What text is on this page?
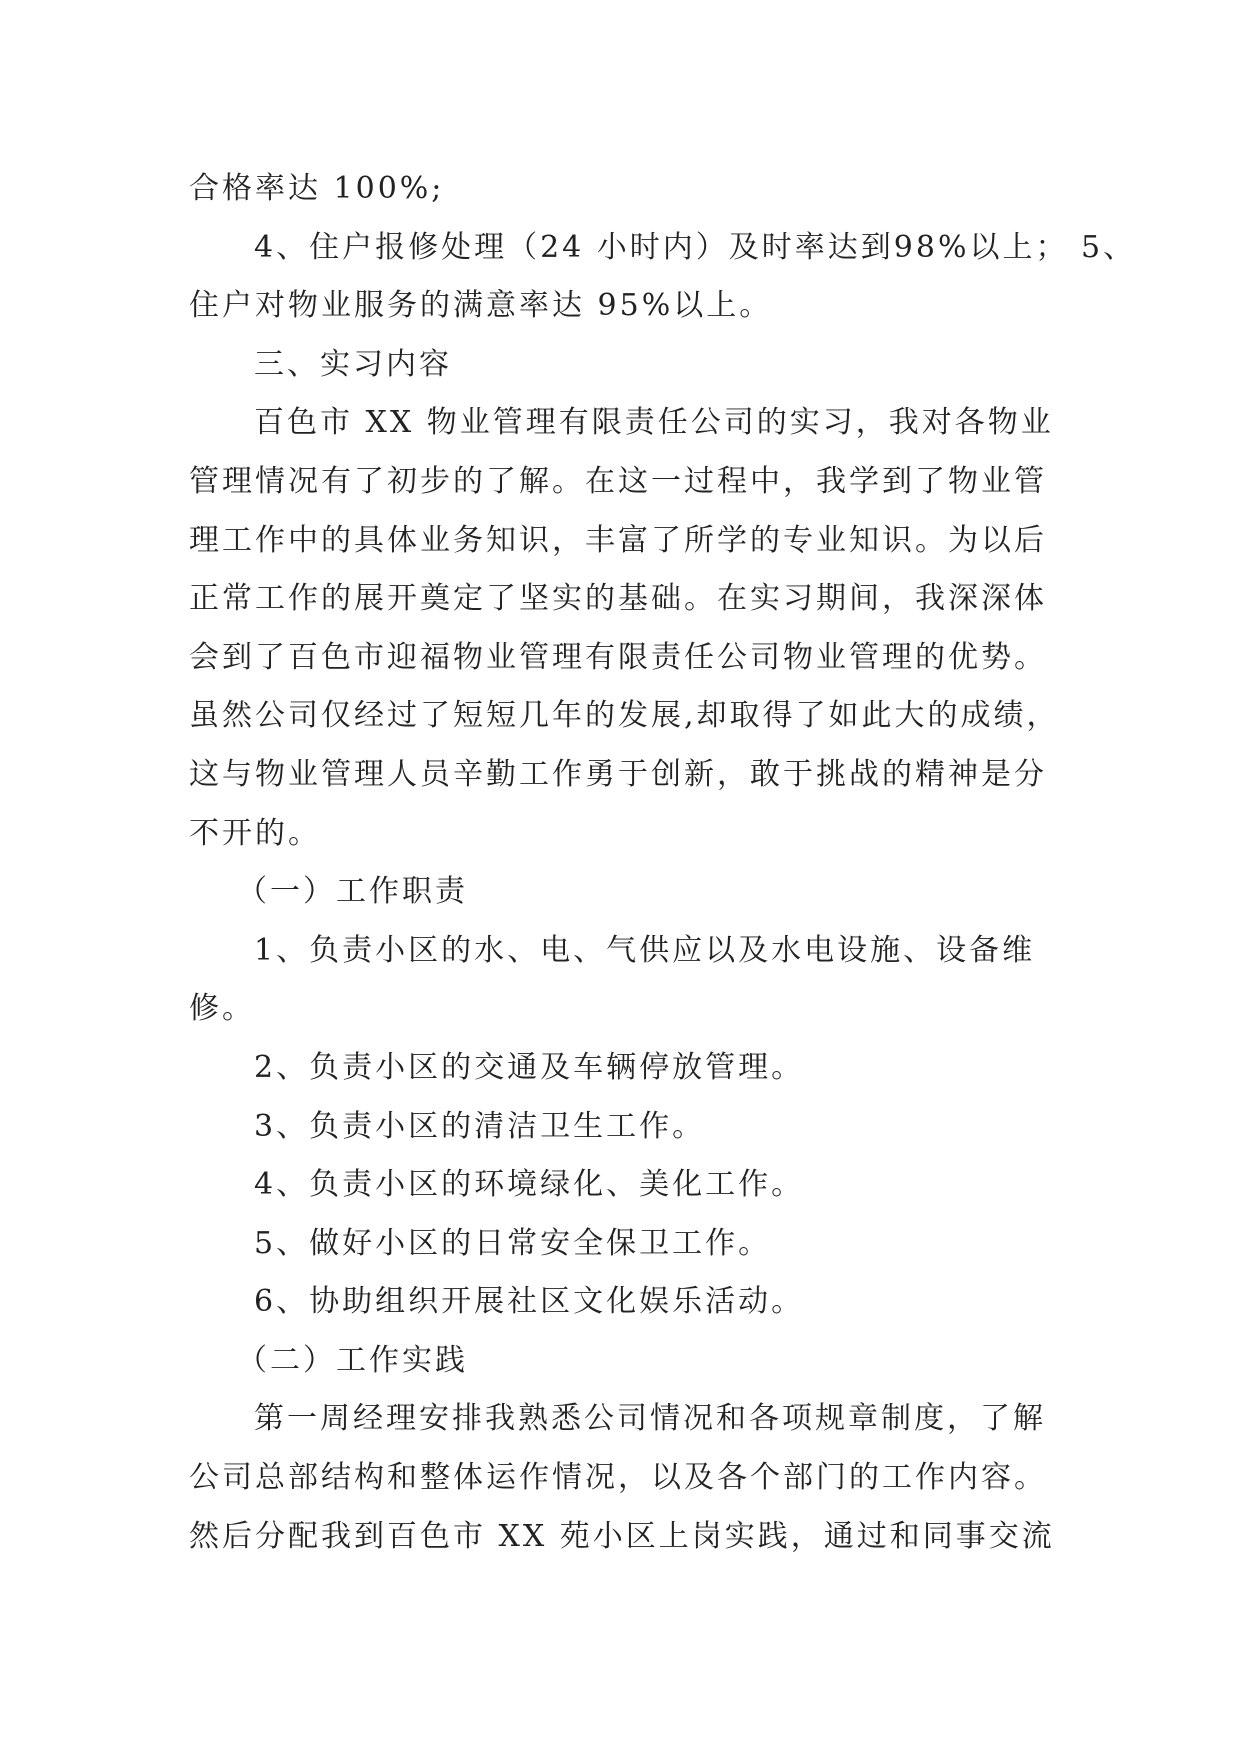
合格率达 100%;
4、住户报修处理（24 小时内）及时率达到98%以上； 5、
住户对物业服务的满意率达 95%以上。
三、实习内容
百色市 XX 物业管理有限责任公司的实习，我对各物业
管理情况有了初步的了解。在这一过程中，我学到了物业管
理工作中的具体业务知识，丰富了所学的专业知识。为以后
正常工作的展开奠定了坚实的基础。在实习期间，我深深体
会到了百色市迎福物业管理有限责任公司物业管理的优势。
虽然公司仅经过了短短几年的发展,却取得了如此大的成绩，
这与物业管理人员辛勤工作勇于创新，敢于挑战的精神是分
不开的。
（一）工作职责
1、负责小区的水、电、气供应以及水电设施、设备维
修。
2、负责小区的交通及车辆停放管理。
3、负责小区的清洁卫生工作。
4、负责小区的环境绿化、美化工作。
5、做好小区的日常安全保卫工作。
6、协助组织开展社区文化娱乐活动。
（二）工作实践
第一周经理安排我熟悉公司情况和各项规章制度，了解
公司总部结构和整体运作情况，以及各个部门的工作内容。
然后分配我到百色市 XX 苑小区上岗实践，通过和同事交流
